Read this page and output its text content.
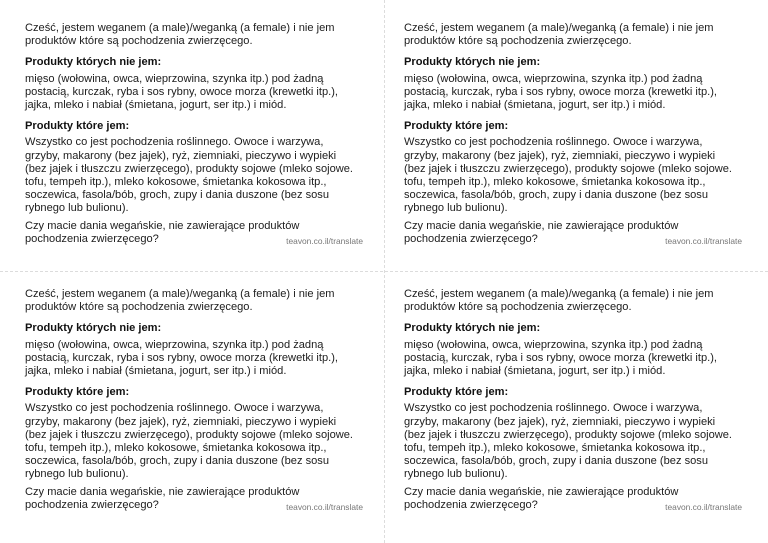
Cześć, jestem weganem (a male)/weganką (a female) i nie jem
produktów które są pochodzenia zwierzęcego.

Produkty których nie jem:

mięso (wołowina, owca, wieprzowina, szynka itp.) pod żadną
postacią, kurczak, ryba i sos rybny, owoce morza (krewetki itp.),
jajka, mleko i nabiał (śmietana, jogurt, ser itp.) i miód.

Produkty które jem:

Wszystko co jest pochodzenia roślinnego. Owoce i warzywa,
grzyby, makarony (bez jajek), ryż, ziemniaki, pieczywo i wypieki
(bez jajek i tłuszczu zwierzęcego), produkty sojowe (mleko sojowe.
tofu, tempeh itp.), mleko kokosowe, śmietanka kokosowa itp.,
soczewica, fasola/bób, groch, zupy i dania duszone (bez sosu
rybnego lub bulionu).

Czy macie dania wegańskie, nie zawierające produktów
pochodzenia zwierzęcego?	teavon.co.il/translate

Cześć, jestem weganem (a male)/weganką (a female) i nie jem
produktów które są pochodzenia zwierzęcego.

Produkty których nie jem:

mięso (wołowina, owca, wieprzowina, szynka itp.) pod żadną
postacią, kurczak, ryba i sos rybny, owoce morza (krewetki itp.),
jajka, mleko i nabiał (śmietana, jogurt, ser itp.) i miód.

Produkty które jem:

Wszystko co jest pochodzenia roślinnego. Owoce i warzywa,
grzyby, makarony (bez jajek), ryż, ziemniaki, pieczywo i wypieki
(bez jajek i tłuszczu zwierzęcego), produkty sojowe (mleko sojowe.
tofu, tempeh itp.), mleko kokosowe, śmietanka kokosowa itp.,
soczewica, fasola/bób, groch, zupy i dania duszone (bez sosu
rybnego lub bulionu).

Czy macie dania wegańskie, nie zawierające produktów
pochodzenia zwierzęcego?	teavon.co.il/translate

Cześć, jestem weganem (a male)/weganką (a female) i nie jem
produktów które są pochodzenia zwierzęcego.

Produkty których nie jem:

mięso (wołowina, owca, wieprzowina, szynka itp.) pod żadną
postacią, kurczak, ryba i sos rybny, owoce morza (krewetki itp.),
jajka, mleko i nabiał (śmietana, jogurt, ser itp.) i miód.

Produkty które jem:

Wszystko co jest pochodzenia roślinnego. Owoce i warzywa,
grzyby, makarony (bez jajek), ryż, ziemniaki, pieczywo i wypieki
(bez jajek i tłuszczu zwierzęcego), produkty sojowe (mleko sojowe.
tofu, tempeh itp.), mleko kokosowe, śmietanka kokosowa itp.,
soczewica, fasola/bób, groch, zupy i dania duszone (bez sosu
rybnego lub bulionu).

Czy macie dania wegańskie, nie zawierające produktów
pochodzenia zwierzęcego?	teavon.co.il/translate

Cześć, jestem weganem (a male)/weganką (a female) i nie jem
produktów które są pochodzenia zwierzęcego.

Produkty których nie jem:

mięso (wołowina, owca, wieprzowina, szynka itp.) pod żadną
postacią, kurczak, ryba i sos rybny, owoce morza (krewetki itp.),
jajka, mleko i nabiał (śmietana, jogurt, ser itp.) i miód.

Produkty które jem:

Wszystko co jest pochodzenia roślinnego. Owoce i warzywa,
grzyby, makarony (bez jajek), ryż, ziemniaki, pieczywo i wypieki
(bez jajek i tłuszczu zwierzęcego), produkty sojowe (mleko sojowe.
tofu, tempeh itp.), mleko kokosowe, śmietanka kokosowa itp.,
soczewica, fasola/bób, groch, zupy i dania duszone (bez sosu
rybnego lub bulionu).

Czy macie dania wegańskie, nie zawierające produktów
pochodzenia zwierzęcego?	teavon.co.il/translate
